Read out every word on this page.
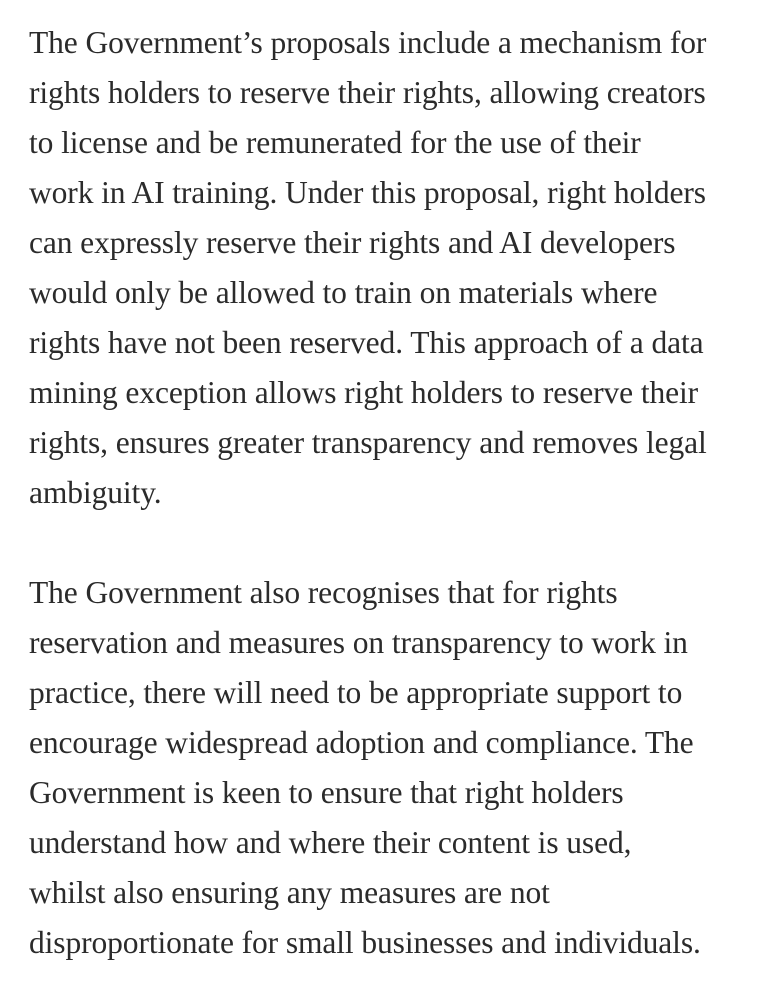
The Government’s proposals include a mechanism for
rights holders to reserve their rights, allowing creators
to license and be remunerated for the use of their
work in AI training. Under this proposal, right holders
can expressly reserve their rights and AI developers
would only be allowed to train on materials where
rights have not been reserved. This approach of a data
mining exception allows right holders to reserve their
rights, ensures greater transparency and removes legal
ambiguity.

The Government also recognises that for rights
reservation and measures on transparency to work in
practice, there will need to be appropriate support to
encourage widespread adoption and compliance. The
Government is keen to ensure that right holders
understand how and where their content is used,
whilst also ensuring any measures are not
disproportionate for small businesses and individuals.
